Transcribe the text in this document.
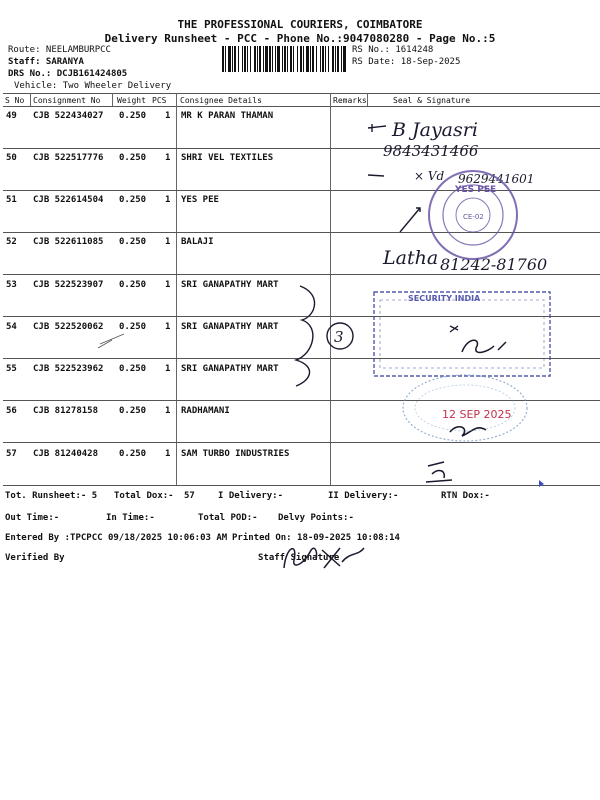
THE PROFESSIONAL COURIERS, COIMBATORE
Delivery Runsheet - PCC - Phone No.:9047080280 - Page No.:5
Route: NEELAMBURPCC
Staff: SARANYA
DRS No.: DCJB161424805
Vehicle: Two Wheeler Delivery
RS No.: 1614248
RS Date: 18-Sep-2025
S No Consignment No Weight PCS Consignee Details	Remarks	Seal & Signature
49 CJB 522434027 0.250 1 MR K PARAN THAMAN
50 CJB 522517776 0.250 1 SHRI VEL TEXTILES
51 CJB 522614504 0.250 1 YES PEE
52 CJB 522611085 0.250 1 BALAJI
53 CJB 522523907 0.250 1 SRI GANAPATHY MART
54 CJB 522520062 0.250 1 SRI GANAPATHY MART
55 CJB 522523962 0.250 1 SRI GANAPATHY MART
56 CJB 81278158 0.250 1 RADHAMANI
57 CJB 81240428 0.250 1 SAM TURBO INDUSTRIES
B Jayasri
9843431466
× Vd 9629441601
Latha 81242-81760
3
YES PEE
CE-02
SECURITY INDIA
12 SEP 2025
Tot. Runsheet:- 5 Total Dox:- 57	I Delivery:-	II Delivery:-	RTN Dox:-
Out Time:-	In Time:-	Total POD:- Delvy Points:-
Entered By :TPCPCC 09/18/2025 10:06:03 AM Printed On: 18-09-2025 10:08:14
Verified By	Staff Signature
